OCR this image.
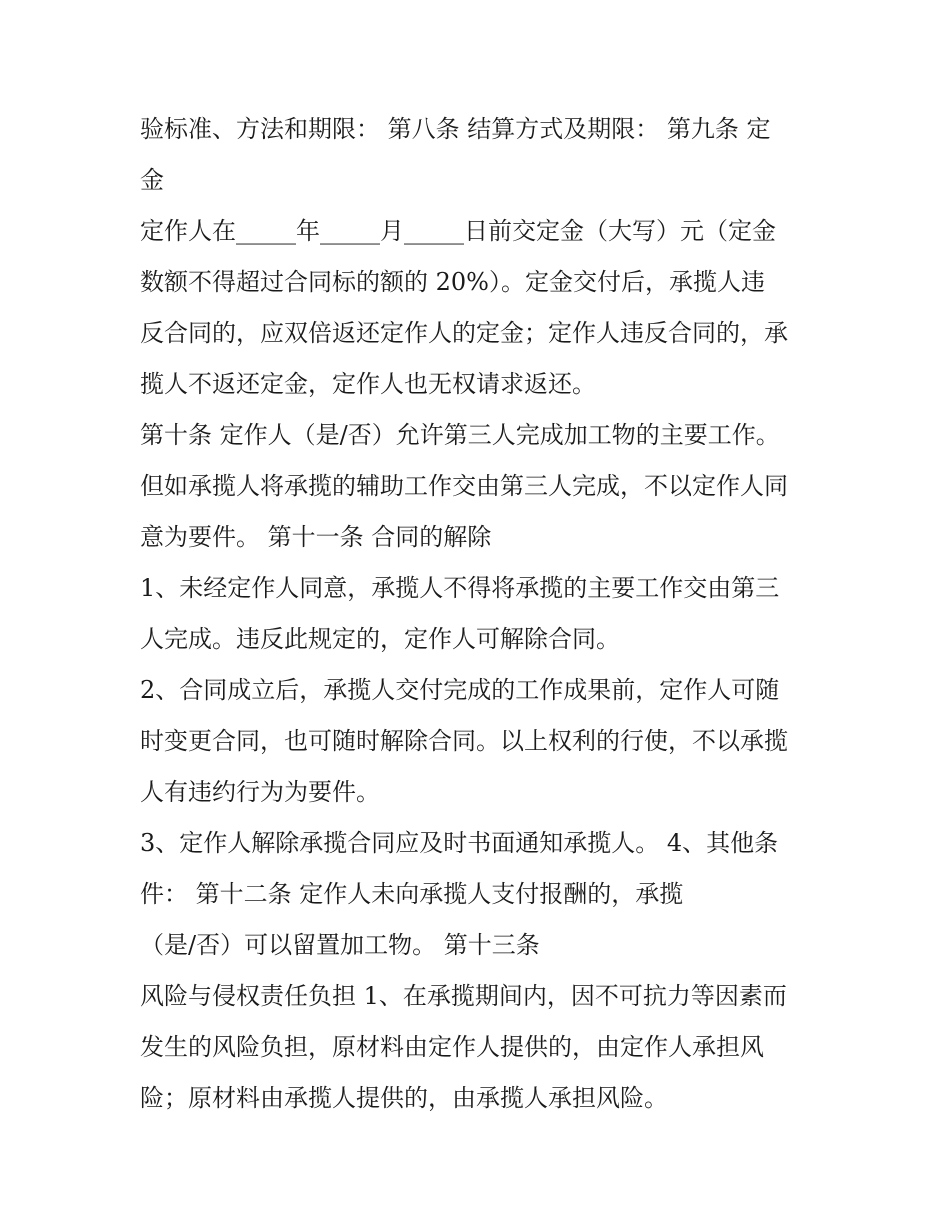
验标准、方法和期限： 第八条 结算方式及期限： 第九条 定
金
定作人在_____年_____月_____日前交定金（大写）元（定金
数额不得超过合同标的额的 20%）。定金交付后，承揽人违
反合同的，应双倍返还定作人的定金；定作人违反合同的，承
揽人不返还定金，定作人也无权请求返还。
第十条 定作人（是/否）允许第三人完成加工物的主要工作。
但如承揽人将承揽的辅助工作交由第三人完成，不以定作人同
意为要件。 第十一条 合同的解除
1、未经定作人同意，承揽人不得将承揽的主要工作交由第三
人完成。违反此规定的，定作人可解除合同。
2、合同成立后，承揽人交付完成的工作成果前，定作人可随
时变更合同，也可随时解除合同。以上权利的行使，不以承揽
人有违约行为为要件。
3、定作人解除承揽合同应及时书面通知承揽人。 4、其他条
件： 第十二条 定作人未向承揽人支付报酬的，承揽
（是/否）可以留置加工物。 第十三条
风险与侵权责任负担 1、在承揽期间内，因不可抗力等因素而
发生的风险负担，原材料由定作人提供的，由定作人承担风
险；原材料由承揽人提供的，由承揽人承担风险。
